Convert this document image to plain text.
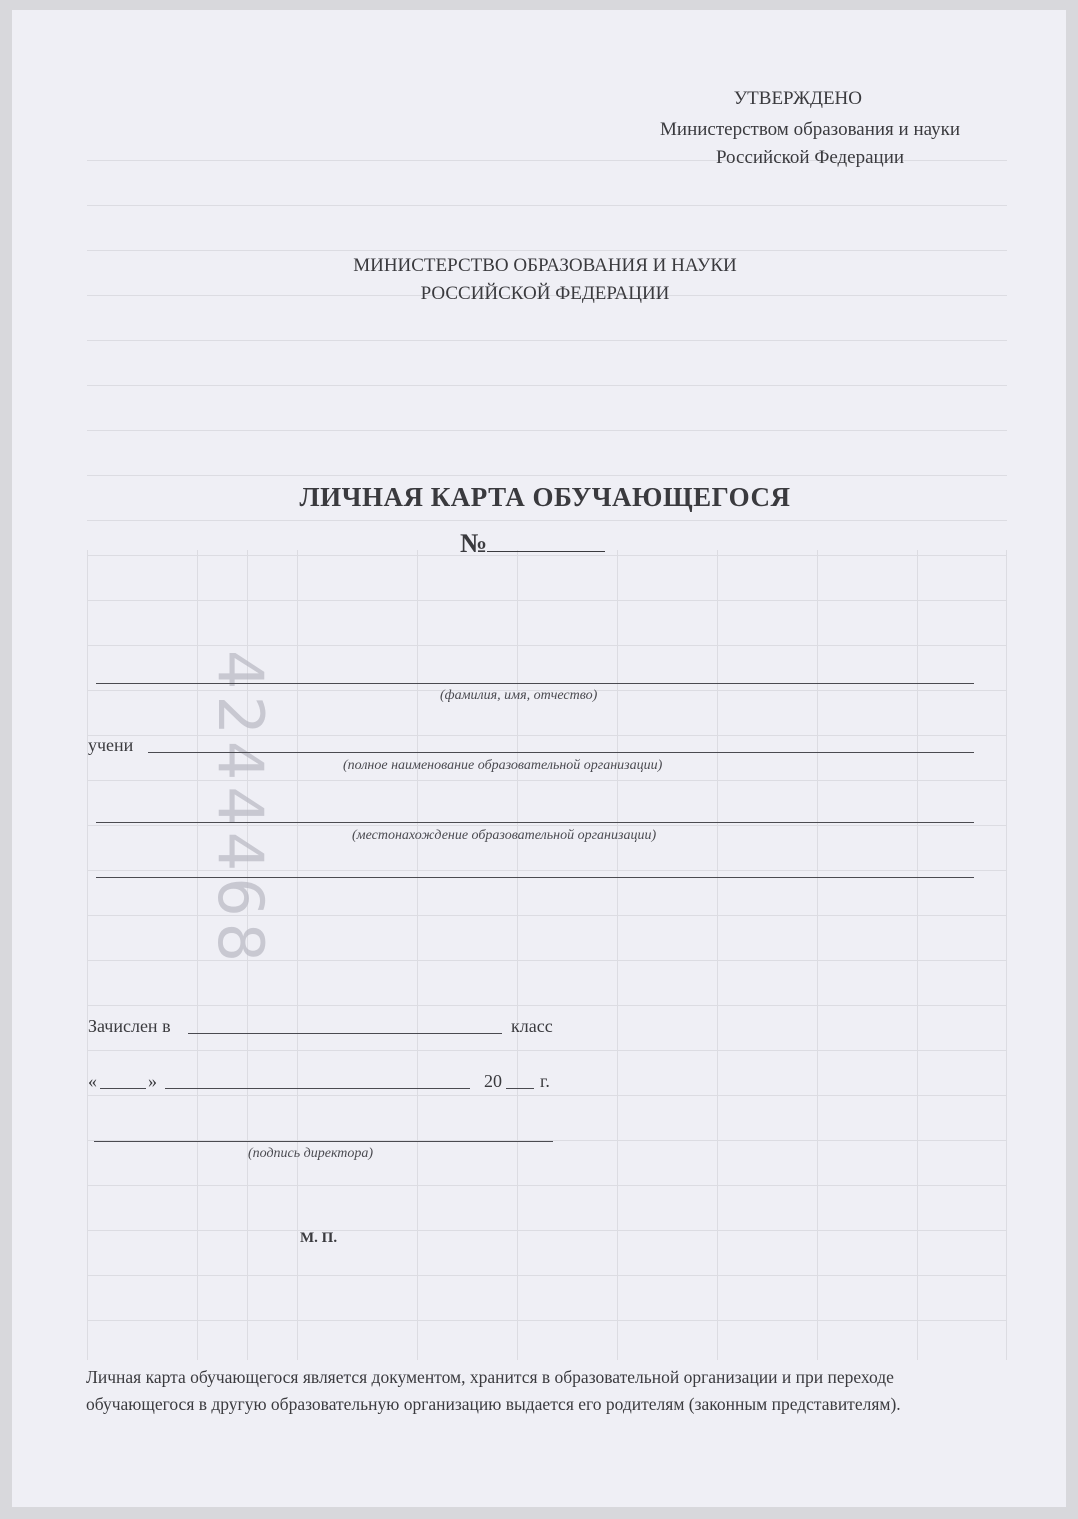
4244468
УТВЕРЖДЕНО
Министерством образования и науки
Российской Федерации
МИНИСТЕРСТВО ОБРАЗОВАНИЯ И НАУКИ
РОССИЙСКОЙ ФЕДЕРАЦИИ
ЛИЧНАЯ КАРТА ОБУЧАЮЩЕГОСЯ
№
(фамилия, имя, отчество)
учени
(полное наименование образовательной организации)
(местонахождение образовательной организации)
Зачислен в	класс
«	»	20 г.
(подпись директора)
М. П.
Личная карта обучающегося является документом, хранится в образовательной организации и при переходе
обучающегося в другую образовательную организацию выдается его родителям (законным представителям).
